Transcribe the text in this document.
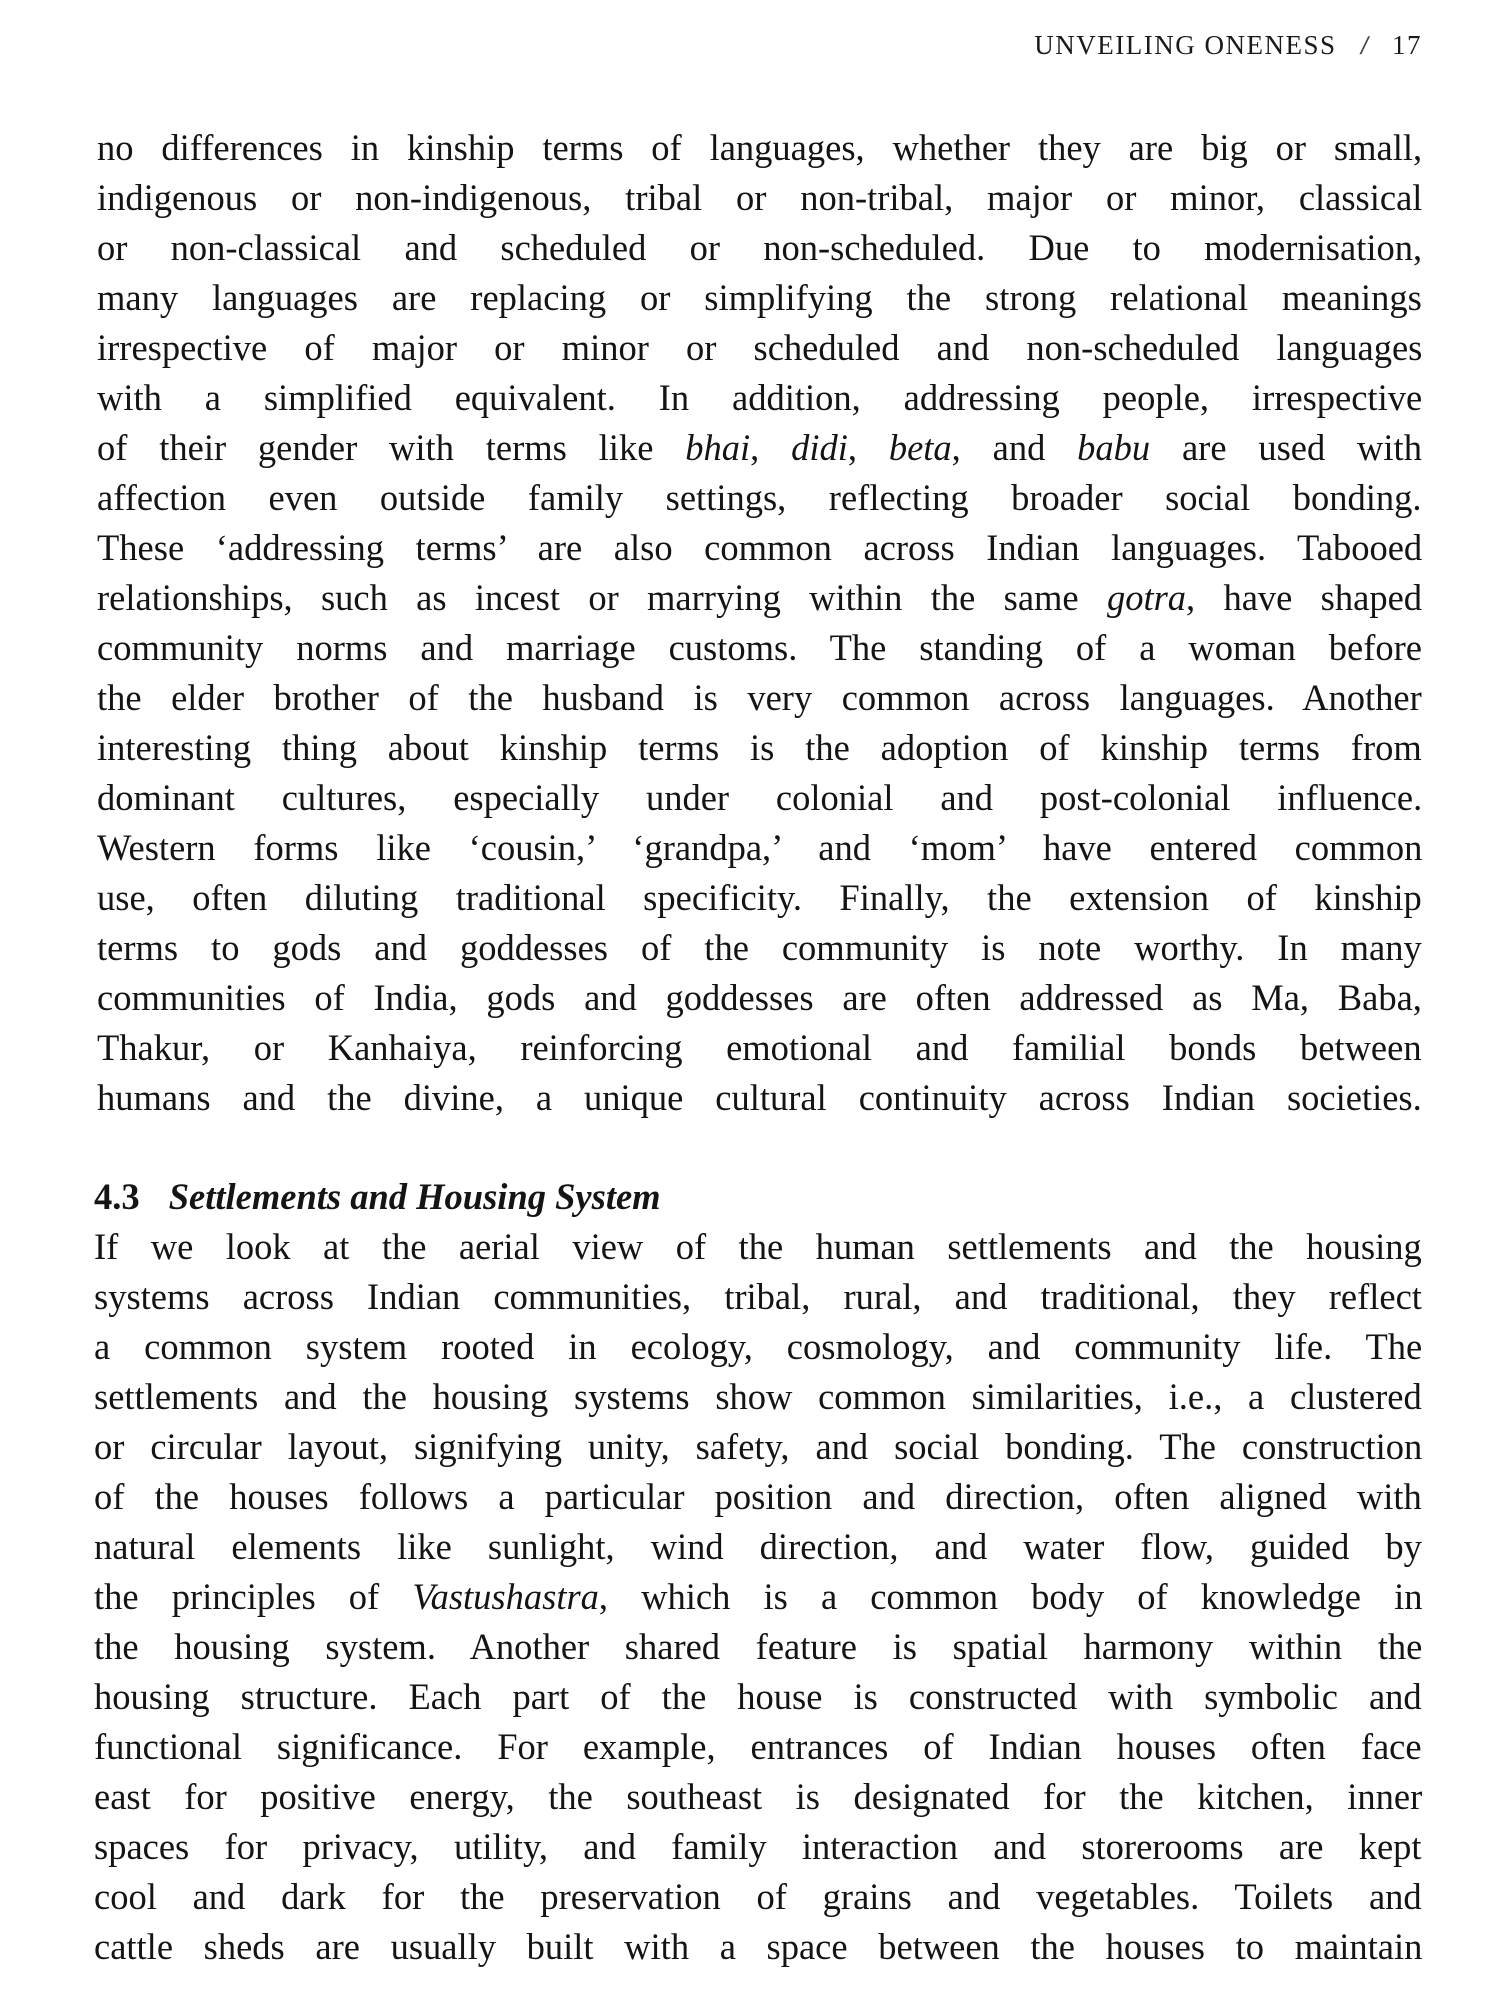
UNVEILING ONENESS / 17
no differences in kinship terms of languages, whether they are big or small,
indigenous or non-indigenous, tribal or non-tribal, major or minor, classical
or non-classical and scheduled or non-scheduled. Due to modernisation,
many languages are replacing or simplifying the strong relational meanings
irrespective of major or minor or scheduled and non-scheduled languages
with a simplified equivalent. In addition, addressing people, irrespective
of their gender with terms like bhai, didi, beta, and babu are used with
affection even outside family settings, reflecting broader social bonding.
These ‘addressing terms’ are also common across Indian languages. Tabooed
relationships, such as incest or marrying within the same gotra, have shaped
community norms and marriage customs. The standing of a woman before
the elder brother of the husband is very common across languages. Another
interesting thing about kinship terms is the adoption of kinship terms from
dominant cultures, especially under colonial and post-colonial influence.
Western forms like ‘cousin,’ ‘grandpa,’ and ‘mom’ have entered common
use, often diluting traditional specificity. Finally, the extension of kinship
terms to gods and goddesses of the community is note worthy. In many
communities of India, gods and goddesses are often addressed as Ma, Baba,
Thakur, or Kanhaiya, reinforcing emotional and familial bonds between
humans and the divine, a unique cultural continuity across Indian societies.
4.3 Settlements and Housing System
If we look at the aerial view of the human settlements and the housing
systems across Indian communities, tribal, rural, and traditional, they reflect
a common system rooted in ecology, cosmology, and community life. The
settlements and the housing systems show common similarities, i.e., a clustered
or circular layout, signifying unity, safety, and social bonding. The construction
of the houses follows a particular position and direction, often aligned with
natural elements like sunlight, wind direction, and water flow, guided by
the principles of Vastushastra, which is a common body of knowledge in
the housing system. Another shared feature is spatial harmony within the
housing structure. Each part of the house is constructed with symbolic and
functional significance. For example, entrances of Indian houses often face
east for positive energy, the southeast is designated for the kitchen, inner
spaces for privacy, utility, and family interaction and storerooms are kept
cool and dark for the preservation of grains and vegetables. Toilets and
cattle sheds are usually built with a space between the houses to maintain
